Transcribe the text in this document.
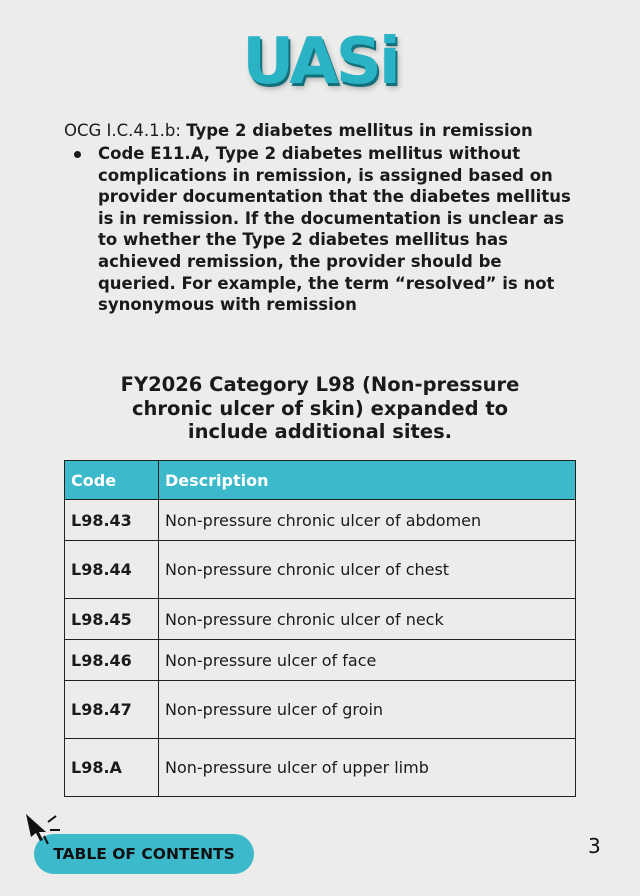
UASi
OCG I.C.4.1.b: Type 2 diabetes mellitus in remission
Code E11.A, Type 2 diabetes mellitus without complications in remission, is assigned based on provider documentation that the diabetes mellitus is in remission. If the documentation is unclear as to whether the Type 2 diabetes mellitus has achieved remission, the provider should be queried. For example, the term “resolved” is not synonymous with remission
FY2026 Category L98 (Non-pressure
chronic ulcer of skin) expanded to
include additional sites.
Code	Description
L98.43	Non-pressure chronic ulcer of abdomen
L98.44	Non-pressure chronic ulcer of chest
L98.45	Non-pressure chronic ulcer of neck
L98.46	Non-pressure ulcer of face
L98.47	Non-pressure ulcer of groin
L98.A	Non-pressure ulcer of upper limb
TABLE OF CONTENTS	3
